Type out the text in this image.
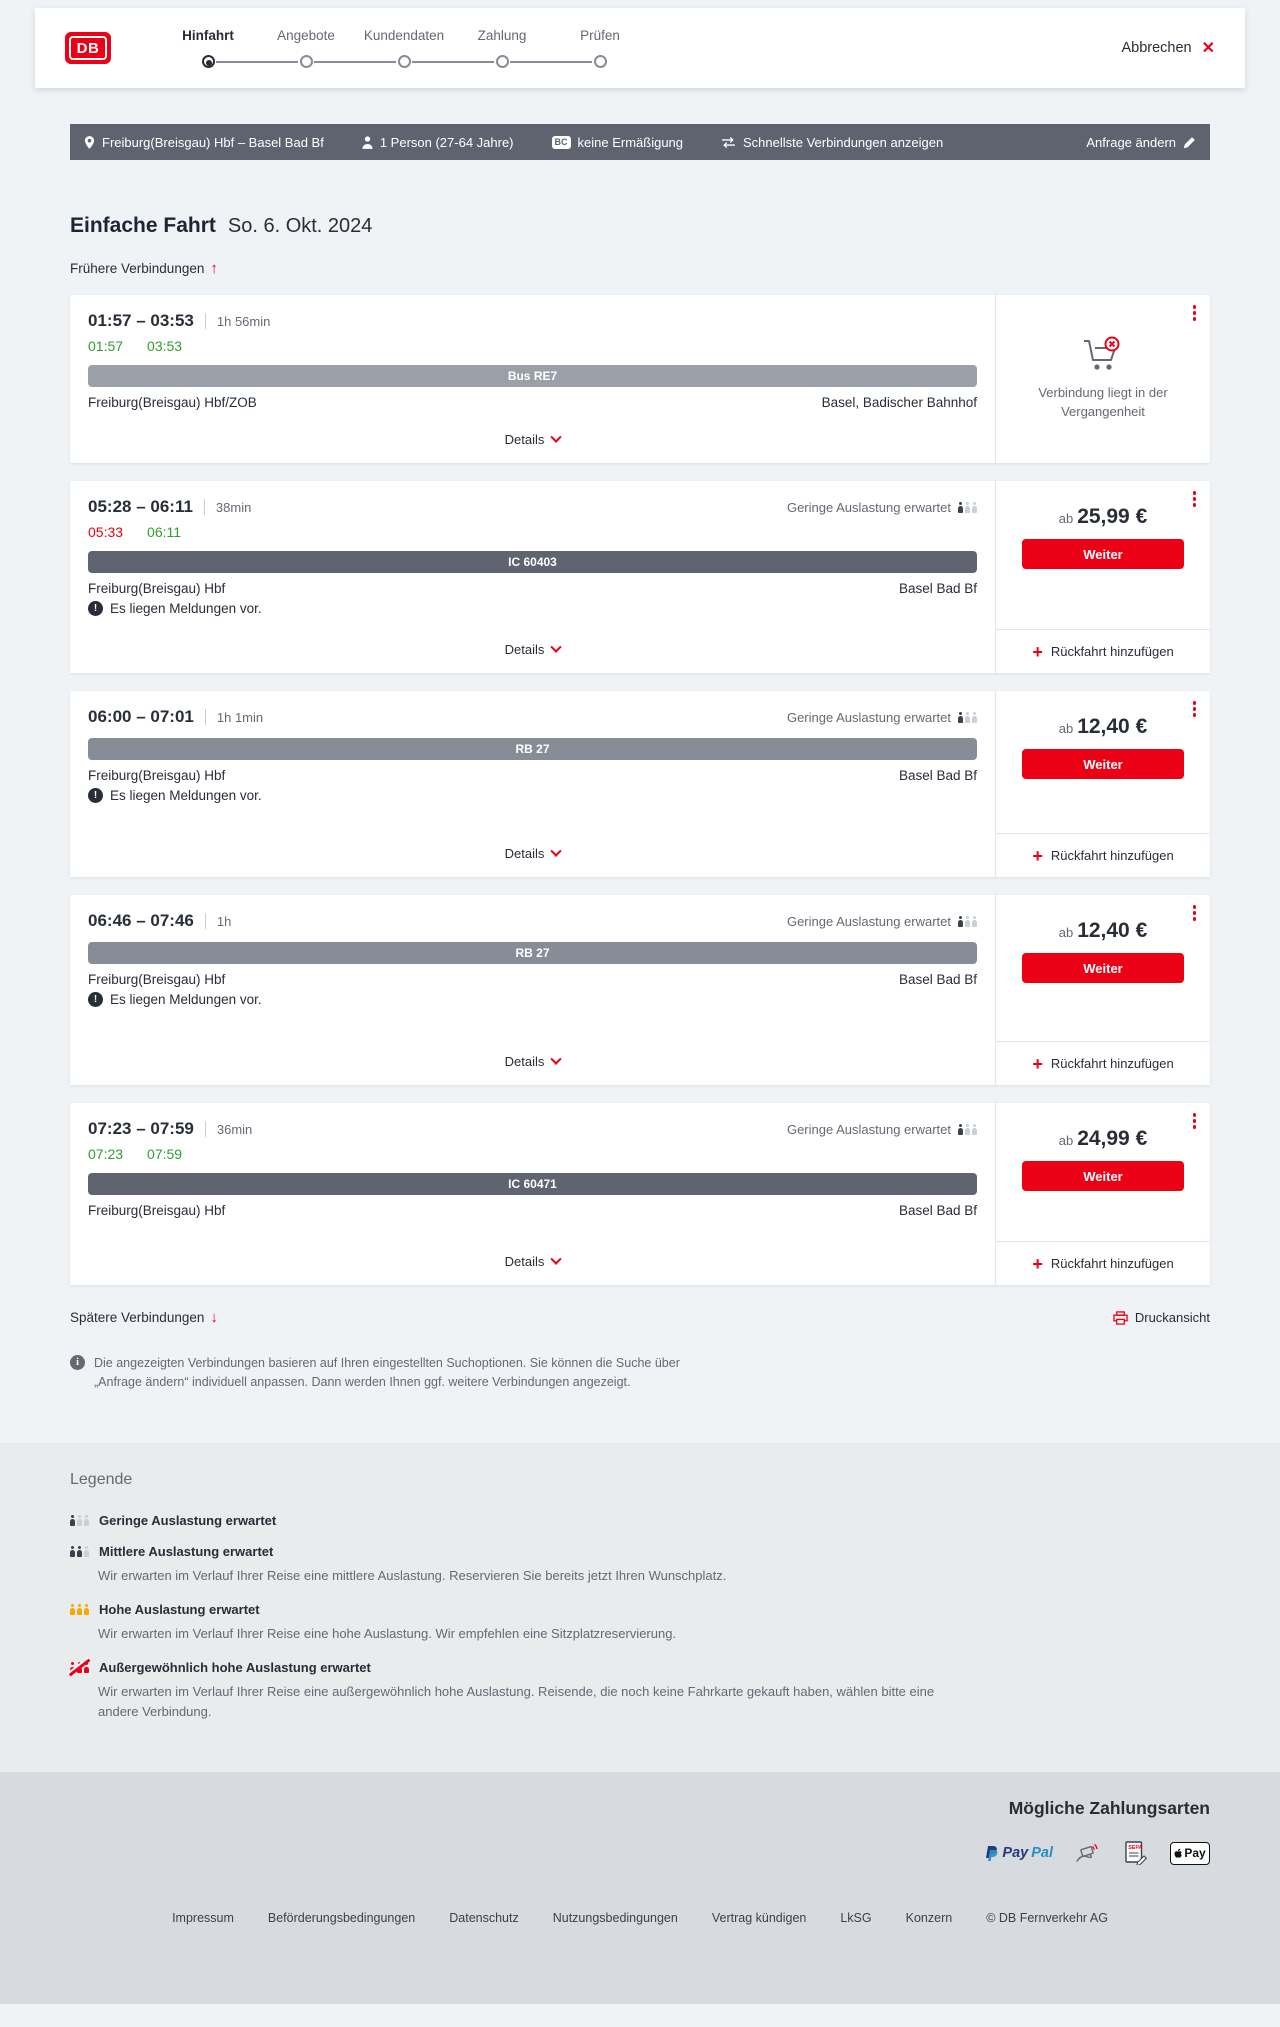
DB
Hinfahrt	Angebote Kundendaten Zahlung	Prüfen
Abbrechen
✕
Freiburg(Breisgau) Hbf – Basel Bad Bf	1 Person (27-64 Jahre)	BC keine Ermäßigung	Schnellste Verbindungen anzeigen	Anfrage ändern
Einfache Fahrt So. 6. Okt. 2024
Frühere Verbindungen
↑
01:57 – 03:53 1h 56min
01:57 03:53
Bus RE7
Freiburg(Breisgau) Hbf/ZOB	Basel, Badischer Bahnhof
Details
Verbindung liegt in der Vergangenheit
05:28 – 06:11 38min	Geringe Auslastung erwartet
05:33 06:11
IC 60403
Freiburg(Breisgau) Hbf	Basel Bad Bf
!
Es liegen Meldungen vor.
Details
ab 25,99 €
Weiter
+
Rückfahrt hinzufügen
06:00 – 07:01 1h 1min	Geringe Auslastung erwartet
RB 27
Freiburg(Breisgau) Hbf	Basel Bad Bf
!
Es liegen Meldungen vor.
Details
ab 12,40 €
Weiter
+
Rückfahrt hinzufügen
06:46 – 07:46 1h	Geringe Auslastung erwartet
RB 27
Freiburg(Breisgau) Hbf	Basel Bad Bf
!
Es liegen Meldungen vor.
Details
ab 12,40 €
Weiter
+
Rückfahrt hinzufügen
07:23 – 07:59 36min	Geringe Auslastung erwartet
07:23 07:59
IC 60471
Freiburg(Breisgau) Hbf	Basel Bad Bf
Details
ab 24,99 €
Weiter
+
Rückfahrt hinzufügen
Spätere Verbindungen ↓	Druckansicht
i
Die angezeigten Verbindungen basieren auf Ihren eingestellten Suchoptionen. Sie können die Suche über „Anfrage ändern“ individuell anpassen. Dann werden Ihnen ggf. weitere Verbindungen angezeigt.
Legende
Geringe Auslastung erwartet
Mittlere Auslastung erwartet
Wir erwarten im Verlauf Ihrer Reise eine mittlere Auslastung. Reservieren Sie bereits jetzt Ihren Wunschplatz.
Hohe Auslastung erwartet
Wir erwarten im Verlauf Ihrer Reise eine hohe Auslastung. Wir empfehlen eine Sitzplatzreservierung.
Außergewöhnlich hohe Auslastung erwartet
Wir erwarten im Verlauf Ihrer Reise eine außergewöhnlich hohe Auslastung. Reisende, die noch keine Fahrkarte gekauft haben, wählen bitte eine andere Verbindung.
Mögliche Zahlungsarten
Pay Pal	SEPA	Pay
Impressum	Beförderungsbedingungen	Datenschutz	Nutzungsbedingungen	Vertrag kündigen	LkSG	Konzern	© DB Fernverkehr AG
